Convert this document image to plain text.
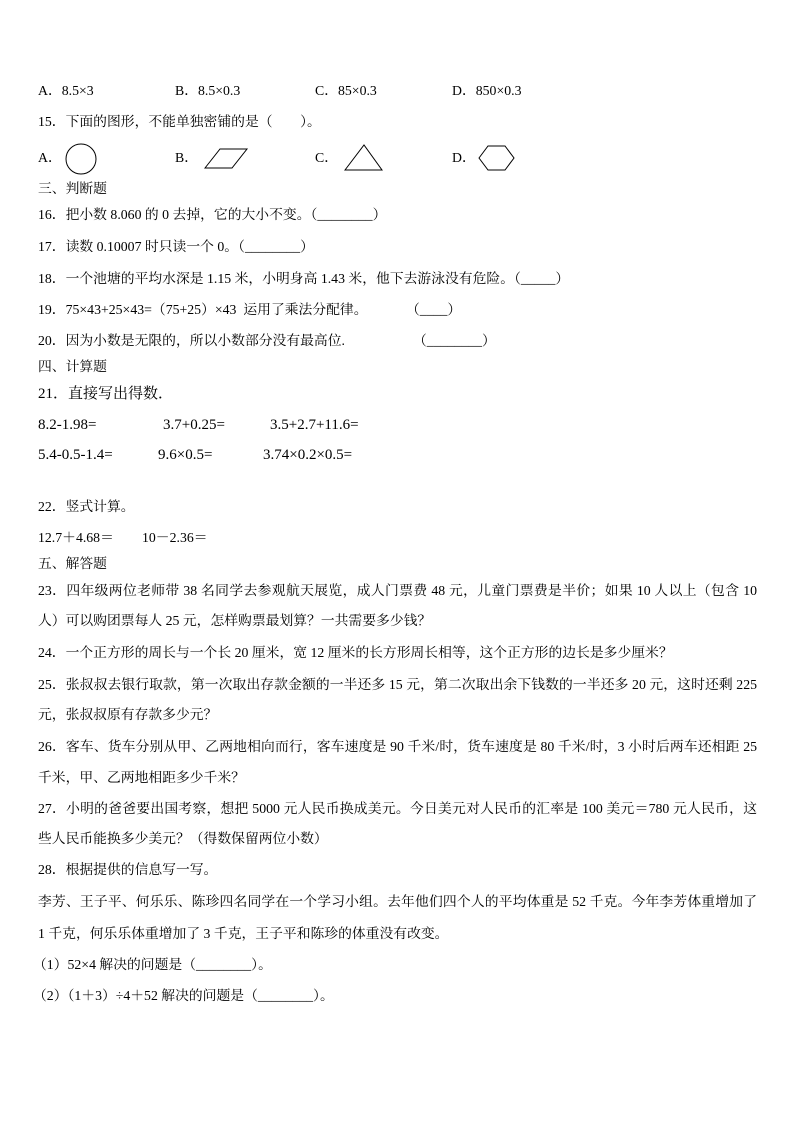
A．8.5×3	B．8.5×0.3	C．85×0.3	D．850×0.3
15．下面的图形，不能单独密铺的是（　　）。
A．	B．	C．	D．
三、判断题
16．把小数 8.060 的 0 去掉，它的大小不变。（________）
17．读数 0.10007 时只读一个 0。（________）
18．一个池塘的平均水深是 1.15 米，小明身高 1.43 米，他下去游泳没有危险。（_____）
19．75×43+25×43=（75+25）×43  运用了乘法分配律。	（____）
20．因为小数是无限的，所以小数部分没有最高位.	（________）
四、计算题
21．直接写出得数．
8.2-1.98=	3.7+0.25=	3.5+2.7+11.6=
5.4-0.5-1.4=	9.6×0.5=	3.74×0.2×0.5=
22．竖式计算。
12.7＋4.68＝ 10－2.36＝
五、解答题
23．四年级两位老师带 38 名同学去参观航天展览，成人门票费 48 元，儿童门票费是半价；如果 10 人以上（包含 10
人）可以购团票每人 25 元，怎样购票最划算？一共需要多少钱？
24．一个正方形的周长与一个长 20 厘米，宽 12 厘米的长方形周长相等，这个正方形的边长是多少厘米？
25．张叔叔去银行取款，第一次取出存款金额的一半还多 15 元，第二次取出余下钱数的一半还多 20 元，这时还剩 225
元，张叔叔原有存款多少元？
26．客车、货车分别从甲、乙两地相向而行，客车速度是 90 千米/时，货车速度是 80 千米/时，3 小时后两车还相距 25
千米，甲、乙两地相距多少千米？
27．小明的爸爸要出国考察，想把 5000 元人民币换成美元。今日美元对人民币的汇率是 100 美元＝780 元人民币，这
些人民币能换多少美元？（得数保留两位小数）
28．根据提供的信息写一写。
李芳、王子平、何乐乐、陈珍四名同学在一个学习小组。去年他们四个人的平均体重是 52 千克。今年李芳体重增加了
1 千克，何乐乐体重增加了 3 千克，王子平和陈珍的体重没有改变。
（1）52×4 解决的问题是（________）。
（2）（1＋3）÷4＋52 解决的问题是（________）。
